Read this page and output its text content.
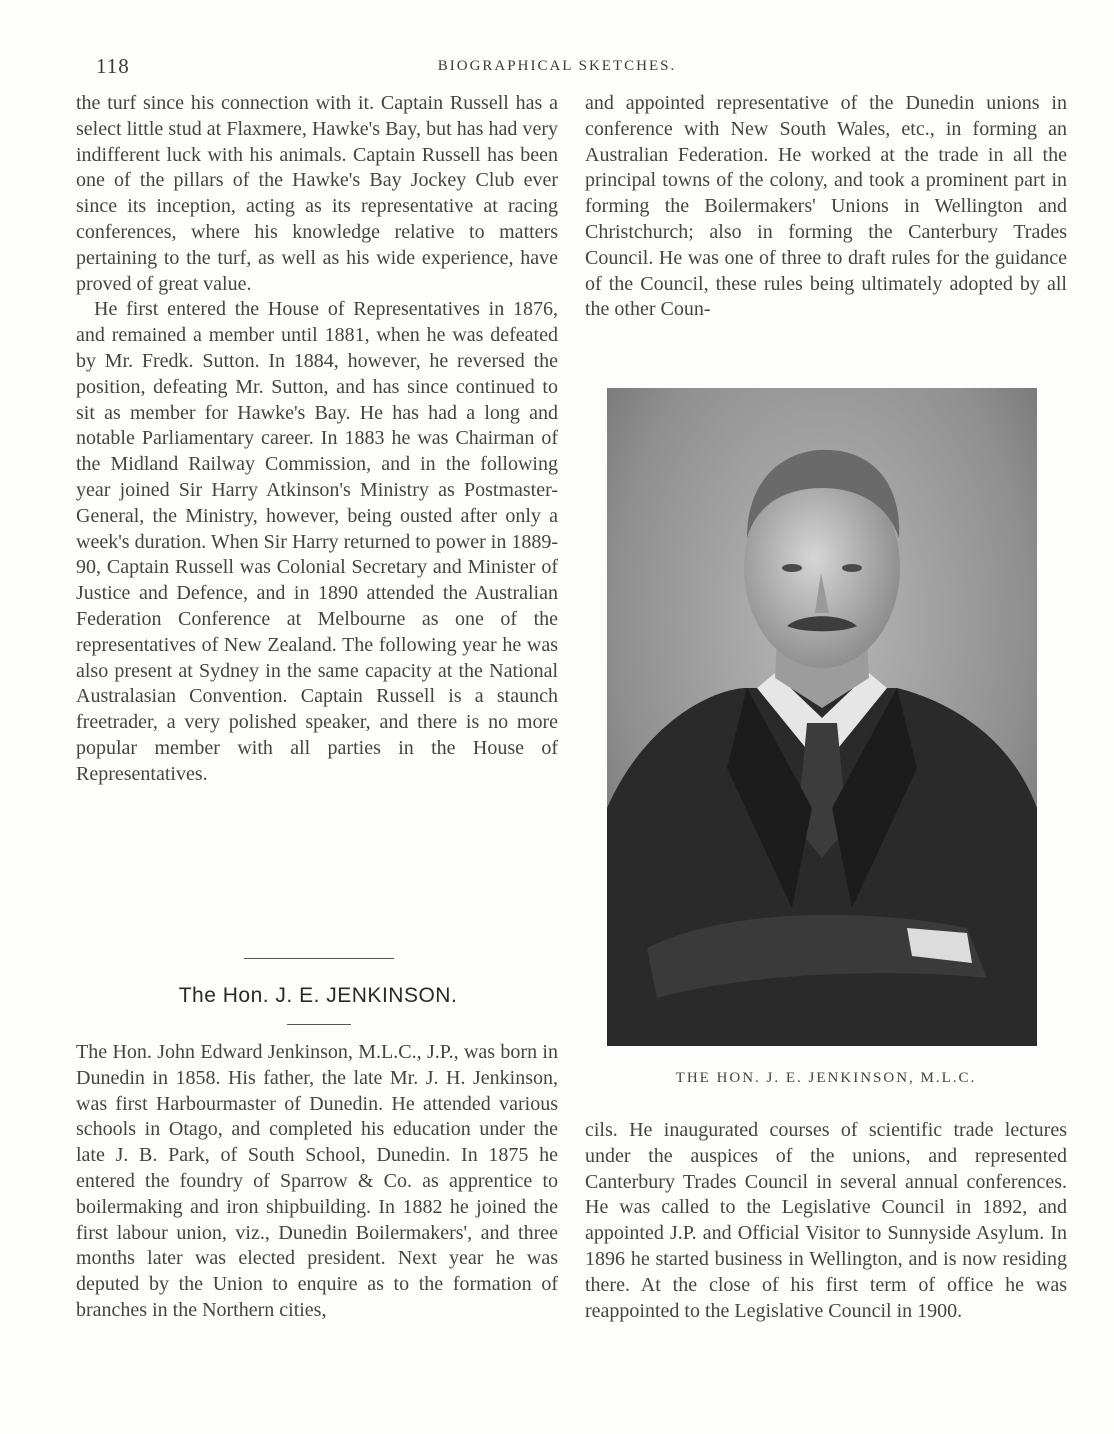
118	BIOGRAPHICAL SKETCHES.

the turf since his connection with it. Captain Russell has a select little stud at Flaxmere, Hawke's Bay, but has had very indifferent luck with his animals. Captain Russell has been one of the pillars of the Hawke's Bay Jockey Club ever since its inception, acting as its representative at racing conferences, where his knowledge relative to matters pertaining to the turf, as well as his wide experience, have proved of great value.

He first entered the House of Representatives in 1876, and remained a member until 1881, when he was defeated by Mr. Fredk. Sutton. In 1884, however, he reversed the position, defeating Mr. Sutton, and has since continued to sit as member for Hawke's Bay. He has had a long and notable Parliamentary career. In 1883 he was Chairman of the Midland Railway Commission, and in the following year joined Sir Harry Atkinson's Ministry as Postmaster-General, the Ministry, however, being ousted after only a week's duration. When Sir Harry returned to power in 1889-90, Captain Russell was Colonial Secretary and Minister of Justice and Defence, and in 1890 attended the Australian Federation Conference at Melbourne as one of the representatives of New Zealand. The following year he was also present at Sydney in the same capacity at the National Australasian Convention. Captain Russell is a staunch freetrader, a very polished speaker, and there is no more popular member with all parties in the House of Representatives.

The Hon. J. E. JENKINSON.

The Hon. John Edward Jenkinson, M.L.C., J.P., was born in Dunedin in 1858. His father, the late Mr. J. H. Jenkinson, was first Harbourmaster of Dunedin. He attended various schools in Otago, and completed his education under the late J. B. Park, of South School, Dunedin. In 1875 he entered the foundry of Sparrow & Co. as apprentice to boilermaking and iron shipbuilding. In 1882 he joined the first labour union, viz., Dunedin Boilermakers', and three months later was elected president. Next year he was deputed by the Union to enquire as to the formation of branches in the Northern cities,

and appointed representative of the Dunedin unions in conference with New South Wales, etc., in forming an Australian Federation. He worked at the trade in all the principal towns of the colony, and took a prominent part in forming the Boilermakers' Unions in Wellington and Christchurch; also in forming the Canterbury Trades Council. He was one of three to draft rules for the guidance of the Council, these rules being ultimately adopted by all the other Coun-

THE HON. J. E. JENKINSON, M.L.C.

cils. He inaugurated courses of scientific trade lectures under the auspices of the unions, and represented Canterbury Trades Council in several annual conferences. He was called to the Legislative Council in 1892, and appointed J.P. and Official Visitor to Sunnyside Asylum. In 1896 he started business in Wellington, and is now residing there. At the close of his first term of office he was reappointed to the Legislative Council in 1900.
